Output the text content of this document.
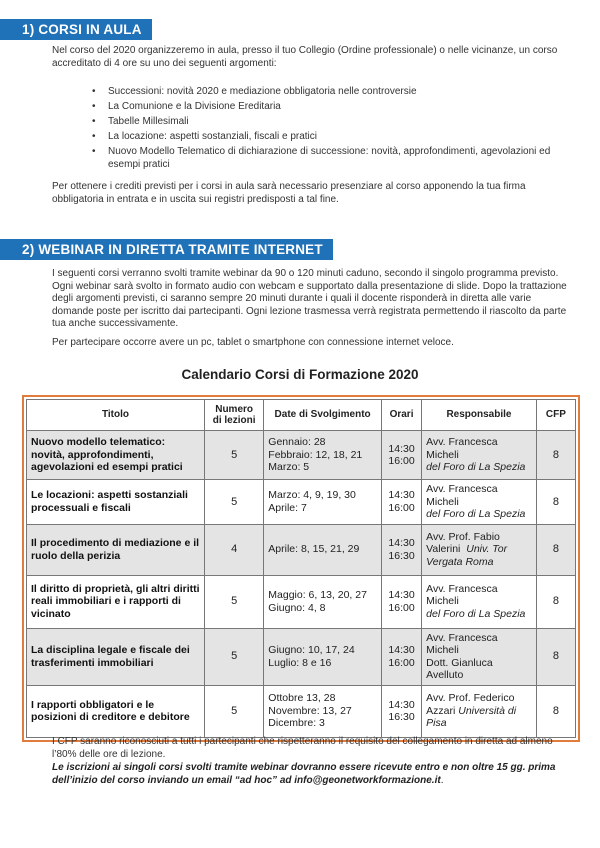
1) CORSI IN AULA

Nel corso del 2020 organizzeremo in aula, presso il tuo Collegio (Ordine professionale) o nelle vicinanze, un corso accreditato di 4 ore su uno dei seguenti argomenti:

• Successioni: novità 2020 e mediazione obbligatoria nelle controversie
• La Comunione e la Divisione Ereditaria
• Tabelle Millesimali
• La locazione: aspetti sostanziali, fiscali e pratici
• Nuovo Modello Telematico di dichiarazione di successione: novità, approfondimenti, agevolazioni ed esempi pratici

Per ottenere i crediti previsti per i corsi in aula sarà necessario presenziare al corso apponendo la tua firma obbligatoria in entrata e in uscita sui registri predisposti a tal fine.

2) WEBINAR IN DIRETTA TRAMITE INTERNET

I seguenti corsi verranno svolti tramite webinar da 90 o 120 minuti caduno, secondo il singolo programma previsto. Ogni webinar sarà svolto in formato audio con webcam e supportato dalla presentazione di slide. Dopo la trattazione degli argomenti previsti, ci saranno sempre 20 minuti durante i quali il docente risponderà in diretta alle varie domande poste per iscritto dai partecipanti. Ogni lezione trasmessa verrà registrata permettendo il riascolto da parte tua anche successivamente.

Per partecipare occorre avere un pc, tablet o smartphone con connessione internet veloce.

Calendario Corsi di Formazione 2020
Titolo	Numero
di lezioni	Date di Svolgimento	Orari	Responsabile	CFP
Nuovo modello telematico: novità, approfondimenti, agevolazioni ed esempi pratici	5	Gennaio: 28
Febbraio: 12, 18, 21
Marzo: 5	14:30
16:00	Avv. Francesca Micheli
del Foro di La Spezia	8
Le locazioni: aspetti sostanziali processuali e fiscali	5	Marzo: 4, 9, 19, 30
Aprile: 7	14:30
16:00	Avv. Francesca Micheli
del Foro di La Spezia	8
Il procedimento di mediazione e il ruolo della perizia	4	Aprile: 8, 15, 21, 29	14:30
16:30	Avv. Prof. Fabio
Valerini Univ. Tor
Vergata Roma	8
Il diritto di proprietà, gli altri diritti reali immobiliari e i rapporti di vicinato	5	Maggio: 6, 13, 20, 27
Giugno: 4, 8	14:30
16:00	Avv. Francesca Micheli
del Foro di La Spezia	8
La disciplina legale e fiscale dei trasferimenti immobiliari	5	Giugno: 10, 17, 24
Luglio: 8 e 16	14:30
16:00	Avv. Francesca Micheli
Dott. Gianluca Avelluto	8
I rapporti obbligatori e le posizioni di creditore e debitore	5	Ottobre 13, 28
Novembre: 13, 27
Dicembre: 3	14:30
16:30	Avv. Prof. Federico
Azzari Università di
Pisa	8

I CFP saranno riconosciuti a tutti i partecipanti che rispetteranno il requisito del collegamento in diretta ad almeno l’80% delle ore di lezione.

Le iscrizioni ai singoli corsi svolti tramite webinar dovranno essere ricevute entro e non oltre 15 gg. prima dell’inizio del corso inviando un email “ad hoc” ad info@geonetworkformazione.it.
